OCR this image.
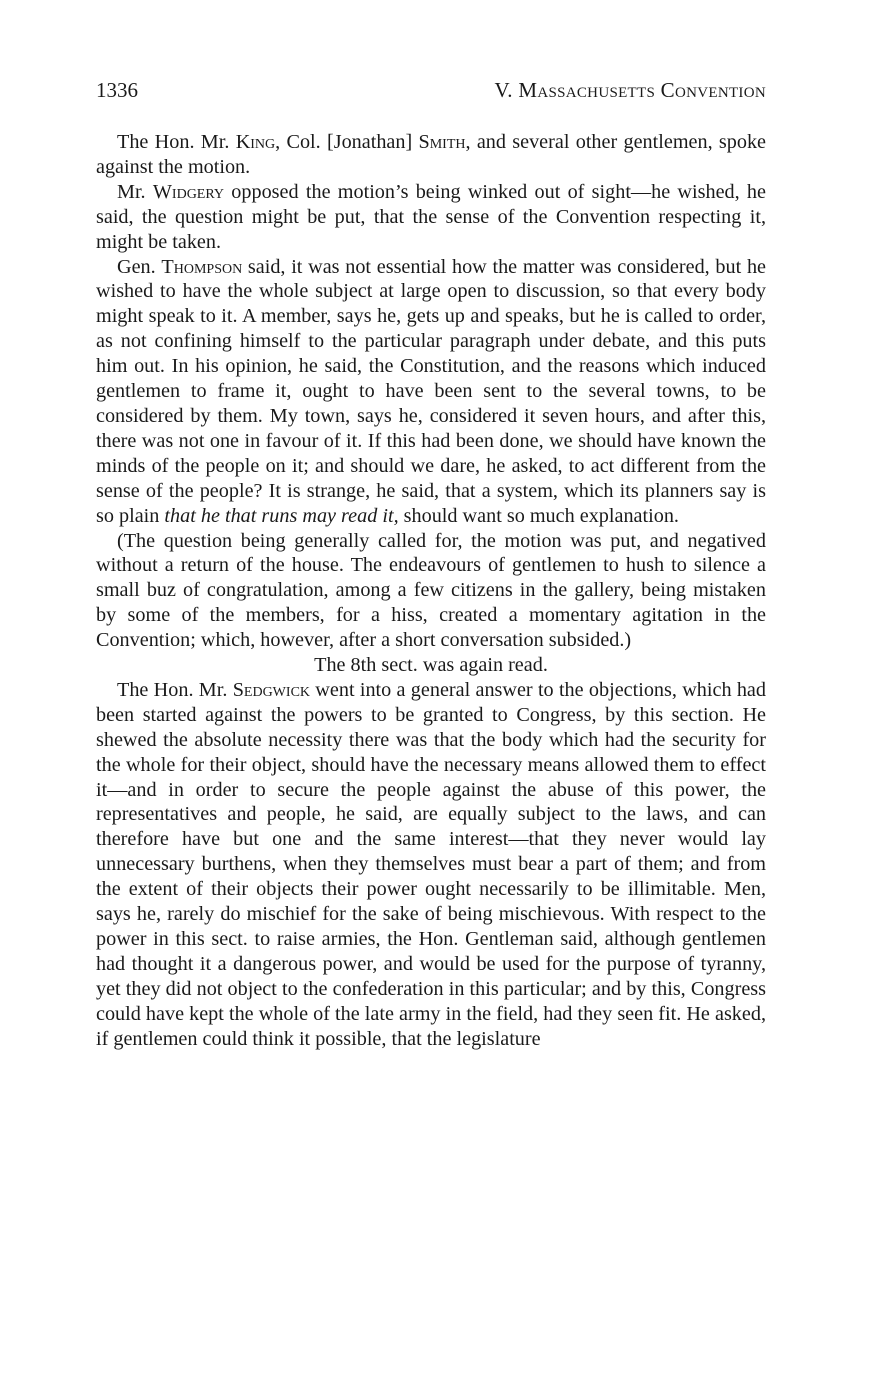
1336	V. Massachusetts Convention

The Hon. Mr. King, Col. [Jonathan] Smith, and several other gentlemen, spoke against the motion.

Mr. Widgery opposed the motion’s being winked out of sight—he wished, he said, the question might be put, that the sense of the Convention respecting it, might be taken.

Gen. Thompson said, it was not essential how the matter was considered, but he wished to have the whole subject at large open to discussion, so that every body might speak to it. A member, says he, gets up and speaks, but he is called to order, as not confining himself to the particular paragraph under debate, and this puts him out. In his opinion, he said, the Constitution, and the reasons which induced gentlemen to frame it, ought to have been sent to the several towns, to be considered by them. My town, says he, considered it seven hours, and after this, there was not one in favour of it. If this had been done, we should have known the minds of the people on it; and should we dare, he asked, to act different from the sense of the people? It is strange, he said, that a system, which its planners say is so plain that he that runs may read it, should want so much explanation.

(The question being generally called for, the motion was put, and negatived without a return of the house. The endeavours of gentlemen to hush to silence a small buz of congratulation, among a few citizens in the gallery, being mistaken by some of the members, for a hiss, created a momentary agitation in the Convention; which, however, after a short conversation subsided.)

The 8th sect. was again read.

The Hon. Mr. Sedgwick went into a general answer to the objections, which had been started against the powers to be granted to Congress, by this section. He shewed the absolute necessity there was that the body which had the security for the whole for their object, should have the necessary means allowed them to effect it—and in order to secure the people against the abuse of this power, the representatives and people, he said, are equally subject to the laws, and can therefore have but one and the same interest—that they never would lay unnecessary burthens, when they themselves must bear a part of them; and from the extent of their objects their power ought necessarily to be illimitable. Men, says he, rarely do mischief for the sake of being mischievous. With respect to the power in this sect. to raise armies, the Hon. Gentleman said, although gentlemen had thought it a dangerous power, and would be used for the purpose of tyranny, yet they did not object to the confederation in this particular; and by this, Congress could have kept the whole of the late army in the field, had they seen fit. He asked, if gentlemen could think it possible, that the legislature
